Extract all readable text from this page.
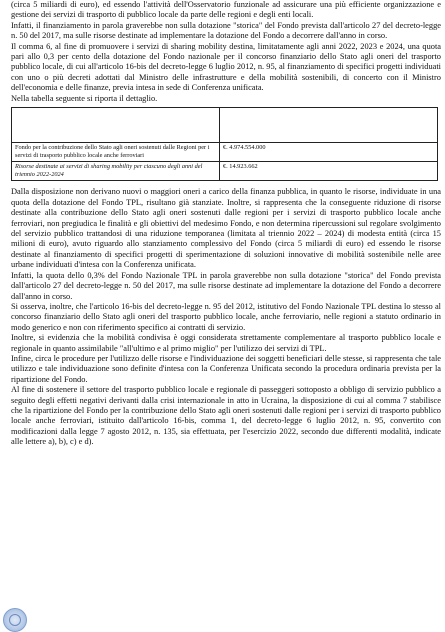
(circa 5 miliardi di euro), ed essendo l'attività dell'Osservatorio funzionale ad assicurare una più efficiente organizzazione e gestione dei servizi di trasporto di pubblico locale da parte delle regioni e degli enti locali.

Infatti, il finanziamento in parola graverebbe non sulla dotazione "storica" del Fondo prevista dall'articolo 27 del decreto-legge n. 50 del 2017, ma sulle risorse destinate ad implementare la dotazione del Fondo a decorrere dall'anno in corso.

Il comma 6, al fine di promuovere i servizi di sharing mobility destina, limitatamente agli anni 2022, 2023 e 2024, una quota pari allo 0,3 per cento della dotazione del Fondo nazionale per il concorso finanziario dello Stato agli oneri del trasporto pubblico locale, di cui all'articolo 16-bis del decreto-legge 6 luglio 2012, n. 95, al finanziamento di specifici progetti individuati con uno o più decreti adottati dal Ministro delle infrastrutture e della mobilità sostenibili, di concerto con il Ministro dell'economia e delle finanze, previa intesa in sede di Conferenza unificata.

Nella tabella seguente si riporta il dettaglio.

Fondo per la contribuzione dello Stato agli oneri sostenuti dalle Regioni per i servizi di trasporto pubblico locale anche ferroviari	€. 4.974.554.000
Risorse destinate ai servizi di sharing mobility per ciascuno degli anni del triennio 2022-2024	€. 14.923.662

Dalla disposizione non derivano nuovi o maggiori oneri a carico della finanza pubblica, in quanto le risorse, individuate in una quota della dotazione del Fondo TPL, risultano già stanziate. Inoltre, si rappresenta che la conseguente riduzione di risorse destinate alla contribuzione dello Stato agli oneri sostenuti dalle regioni per i servizi di trasporto pubblico locale anche ferroviari, non pregiudica le finalità e gli obiettivi del medesimo Fondo, e non determina ripercussioni sul regolare svolgimento del servizio pubblico trattandosi di una riduzione temporanea (limitata al triennio 2022 – 2024) di modesta entità (circa 15 milioni di euro), avuto riguardo allo stanziamento complessivo del Fondo (circa 5 miliardi di euro) ed essendo le risorse destinate al finanziamento di specifici progetti di sperimentazione di soluzioni innovative di mobilità sostenibile nelle aree urbane individuati d'intesa con la Conferenza unificata.

Infatti, la quota dello 0,3% del Fondo Nazionale TPL in parola graverebbe non sulla dotazione "storica" del Fondo prevista dall'articolo 27 del decreto-legge n. 50 del 2017, ma sulle risorse destinate ad implementare la dotazione del Fondo a decorrere dall'anno in corso.

Si osserva, inoltre, che l'articolo 16-bis del decreto-legge n. 95 del 2012, istitutivo del Fondo Nazionale TPL destina lo stesso al concorso finanziario dello Stato agli oneri del trasporto pubblico locale, anche ferroviario, nelle regioni a statuto ordinario in modo generico e non con riferimento specifico ai contratti di servizio.

Inoltre, si evidenzia che la mobilità condivisa è oggi considerata strettamente complementare al trasporto pubblico locale e regionale in quanto assimilabile "all'ultimo e al primo miglio" per l'utilizzo dei servizi di TPL.

Infine, circa le procedure per l'utilizzo delle risorse e l'individuazione dei soggetti beneficiari delle stesse, si rappresenta che tale utilizzo e tale individuazione sono definite d'intesa con la Conferenza Unificata secondo la procedura ordinaria prevista per la ripartizione del Fondo.

Al fine di sostenere il settore del trasporto pubblico locale e regionale di passeggeri sottoposto a obbligo di servizio pubblico a seguito degli effetti negativi derivanti dalla crisi internazionale in atto in Ucraina, la disposizione di cui al comma 7 stabilisce che la ripartizione del Fondo per la contribuzione dello Stato agli oneri sostenuti dalle regioni per i servizi di trasporto pubblico locale anche ferroviari, istituito dall'articolo 16-bis, comma 1, del decreto-legge 6 luglio 2012, n. 95, convertito con modificazioni dalla legge 7 agosto 2012, n. 135, sia effettuata, per l'esercizio 2022, secondo due differenti modalità, indicate alle lettere a), b), c) e d).
